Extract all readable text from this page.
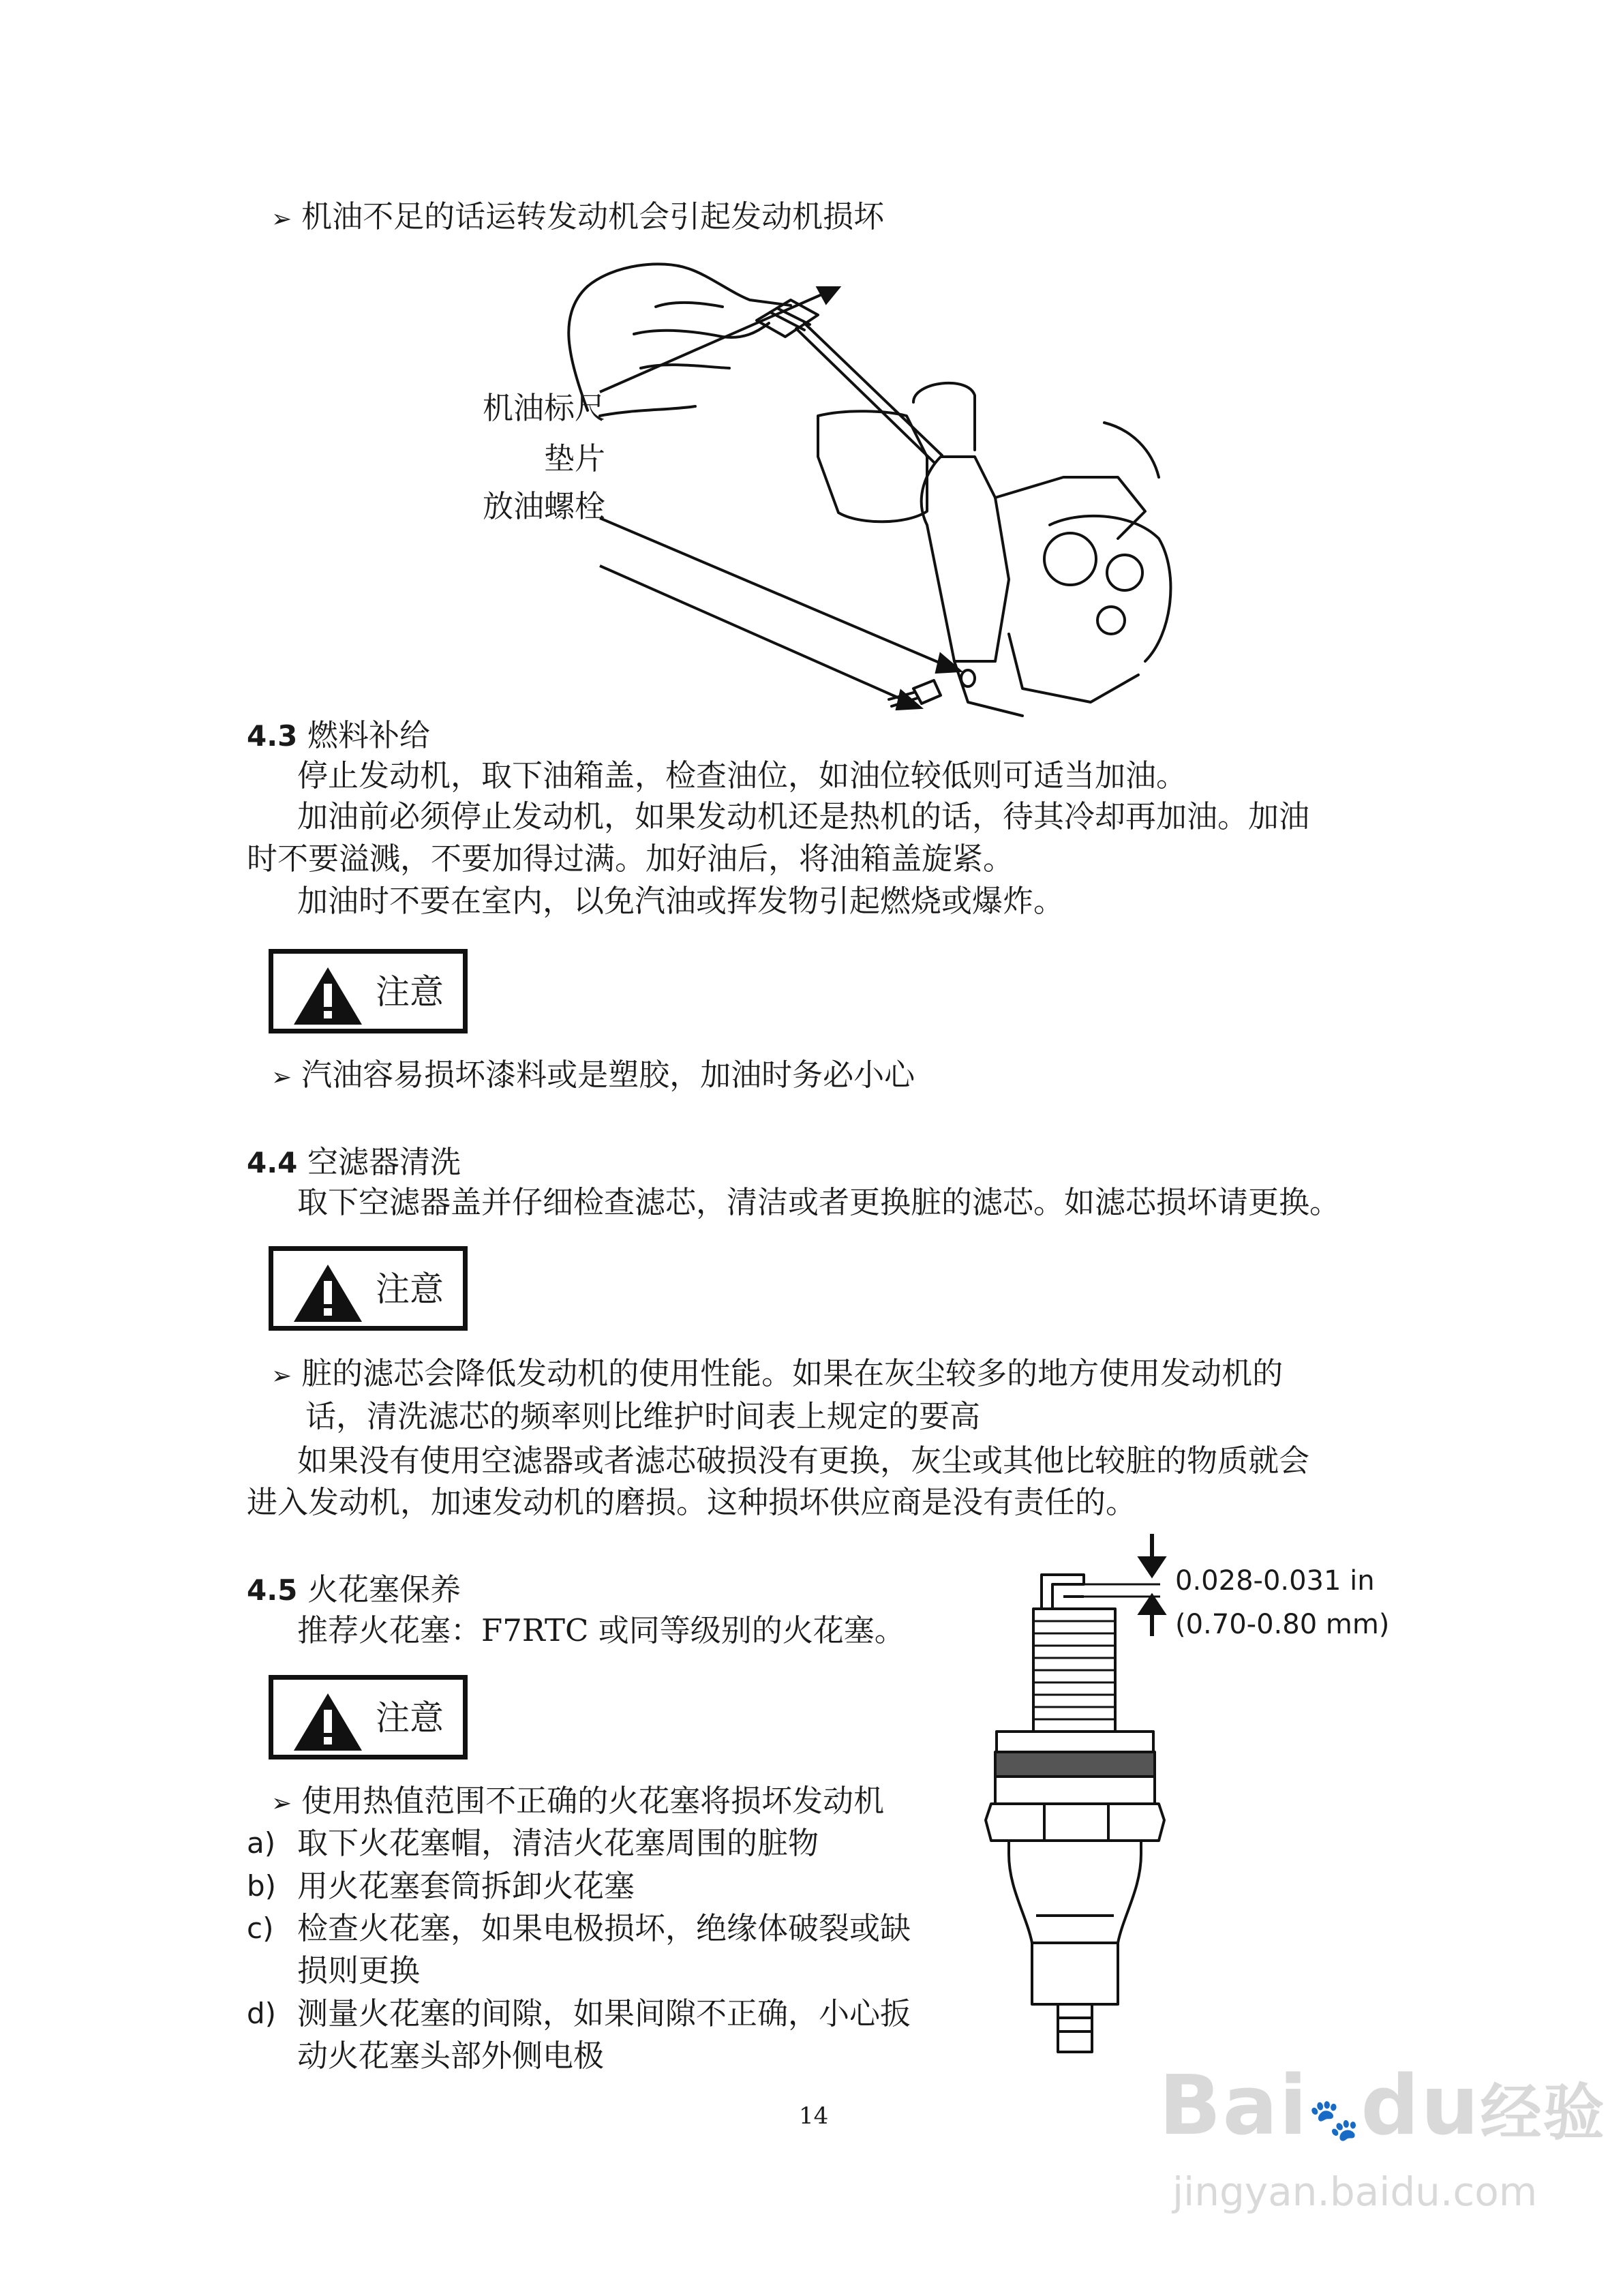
➢ 机油不足的话运转发动机会引起发动机损坏
机油标尺
垫片
放油螺栓
4.3 燃料补给
停止发动机，取下油箱盖，检查油位，如油位较低则可适当加油。
加油前必须停止发动机，如果发动机还是热机的话，待其冷却再加油。加油
时不要溢溅，不要加得过满。加好油后，将油箱盖旋紧。
加油时不要在室内，以免汽油或挥发物引起燃烧或爆炸。
注意
➢ 汽油容易损坏漆料或是塑胶，加油时务必小心
4.4 空滤器清洗
取下空滤器盖并仔细检查滤芯，清洁或者更换脏的滤芯。如滤芯损坏请更换。
注意
➢ 脏的滤芯会降低发动机的使用性能。如果在灰尘较多的地方使用发动机的
话，清洗滤芯的频率则比维护时间表上规定的要高
如果没有使用空滤器或者滤芯破损没有更换，灰尘或其他比较脏的物质就会
进入发动机，加速发动机的磨损。这种损坏供应商是没有责任的。
4.5 火花塞保养
推荐火花塞：F7RTC 或同等级别的火花塞。
注意
➢ 使用热值范围不正确的火花塞将损坏发动机
a) 取下火花塞帽，清洁火花塞周围的脏物
b) 用火花塞套筒拆卸火花塞
c) 检查火花塞，如果电极损坏，绝缘体破裂或缺
损则更换
d) 测量火花塞的间隙，如果间隙不正确，小心扳
动火花塞头部外侧电极
0.028-0.031 in
(0.70-0.80 mm)
14	Bai🐾du经验
jingyan.baidu.com
